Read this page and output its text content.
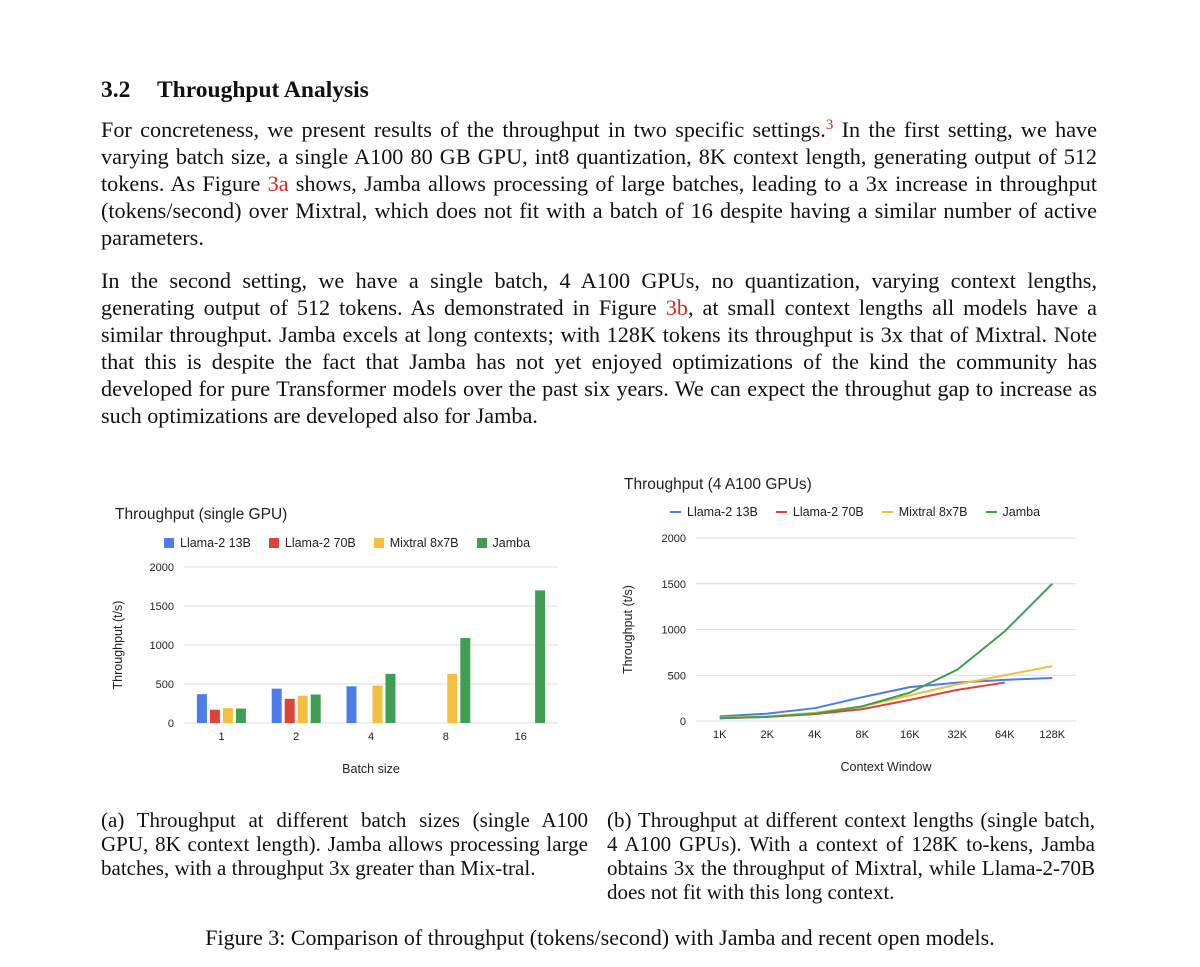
3.2 Throughput Analysis

For concreteness, we present results of the throughput in two specific settings.$^3$ In the first setting, we have varying batch size, a single A100 80 GB GPU, int8 quantization, 8K context length, generating output of 512 tokens. As Figure 3a shows, Jamba allows processing of large batches, leading to a 3x increase in throughput (tokens/second) over Mixtral, which does not fit with a batch of 16 despite having a similar number of active parameters.

In the second setting, we have a single batch, 4 A100 GPUs, no quantization, varying context lengths, generating output of 512 tokens. As demonstrated in Figure 3b, at small context lengths all models have a similar throughput. Jamba excels at long contexts; with 128K tokens its throughput is 3x that of Mixtral. Note that this is despite the fact that Jamba has not yet enjoyed optimizations of the kind the community has developed for pure Transformer models over the past six years. We can expect the throughut gap to increase as such optimizations are developed also for Jamba.

Throughput (single GPU)
Llama-2 13B	Llama-2 70B	Mixtral 8x7B	Jamba
0
500
1000
1500
2000
Batch size
Throughput (t/s)
1	2	4	8	16
Throughput (4 A100 GPUs)
Llama-2 13B	Llama-2 70B	Mixtral 8x7B	Jamba
0
500
1000
1500
2000
Context Window
Throughput (t/s)
1K	2K	4K	8K	16K	32K	64K 128K
(a) Throughput at different batch sizes (single A100 GPU, 8K context length). Jamba allows processing large batches, with a throughput 3x greater than Mix-tral.
(b) Throughput at different context lengths (single batch, 4 A100 GPUs). With a context of 128K to-kens, Jamba obtains 3x the throughput of Mixtral, while Llama-2-70B does not fit with this long context.
Figure 3: Comparison of throughput (tokens/second) with Jamba and recent open models.
